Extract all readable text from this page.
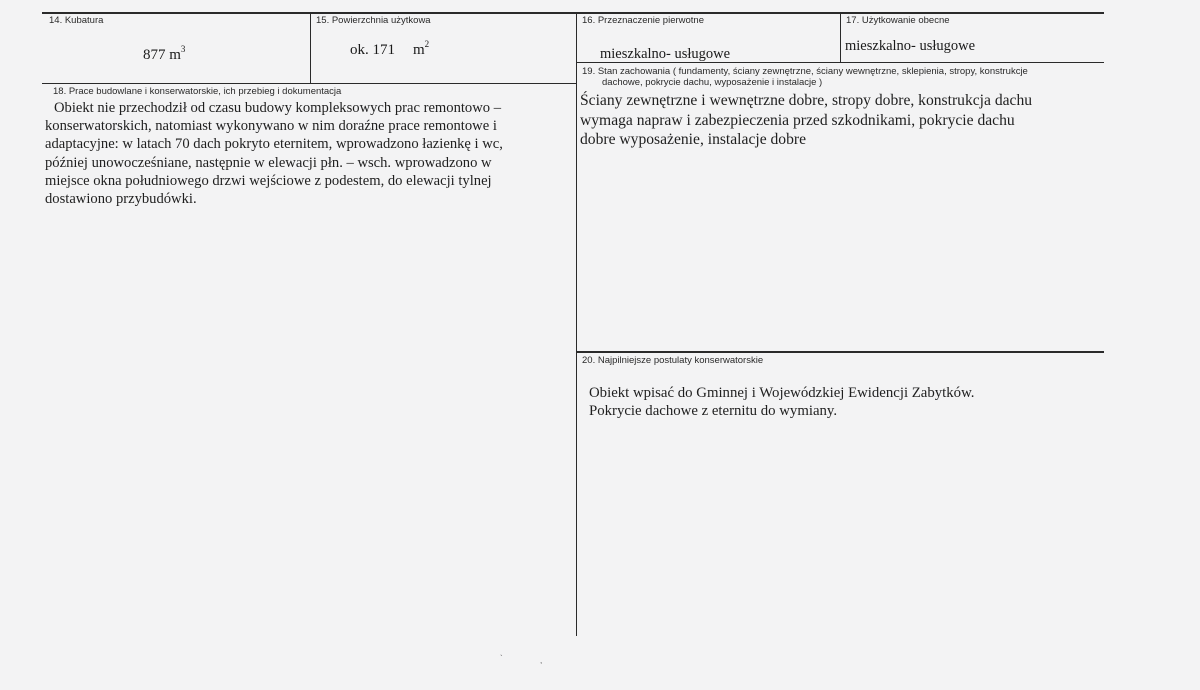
14. Kubatura
877 $m^3$
15. Powierzchnia użytkowa
ok. 171 $m^2$
16. Przeznaczenie pierwotne
mieszkalno- usługowe
17. Użytkowanie obecne
mieszkalno- usługowe
18. Prace budowlane i konserwatorskie, ich przebieg i dokumentacja
Obiekt nie przechodził od czasu budowy kompleksowych prac remontowo –
konserwatorskich, natomiast wykonywano w nim doraźne prace remontowe i
adaptacyjne: w latach 70 dach pokryto eternitem, wprowadzono łazienkę i wc,
później unowocześniane, następnie w elewacji płn. – wsch. wprowadzono w
miejsce okna południowego drzwi wejściowe z podestem, do elewacji tylnej
dostawiono przybudówki.
19. Stan zachowania ( fundamenty, ściany zewnętrzne, ściany wewnętrzne, sklepienia, stropy, konstrukcje
dachowe, pokrycie dachu, wyposażenie i instalacje )
Ściany zewnętrzne i wewnętrzne dobre, stropy dobre, konstrukcja dachu
wymaga napraw i zabezpieczenia przed szkodnikami, pokrycie dachu
dobre wyposażenie, instalacje dobre
20. Najpilniejsze postulaty konserwatorskie
Obiekt wpisać do Gminnej i Wojewódzkiej Ewidencji Zabytków.
Pokrycie dachowe z eternitu do wymiany.
`	,
